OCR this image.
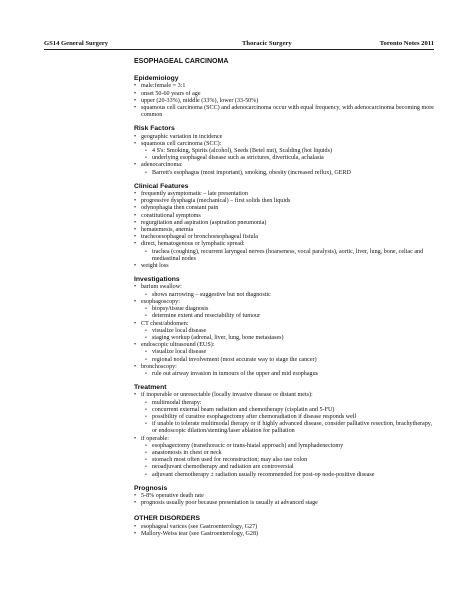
GS14 General Surgery	Thoracic Surgery	Toronto Notes 2011
ESOPHAGEAL CARCINOMA
Epidemiology
• male:female = 3:1
• onset 50-60 years of age
• upper (20-33%), middle (33%), lower (33-50%)
• squamous cell carcinoma (SCC) and adenocarcinoma occur with equal frequency, with adenocarcinoma becoming more common
Risk Factors
• geographic variation in incidence
• squamous cell carcinoma (SCC):
• 4 S's: Smoking, Spirits (alcohol), Seeds (Betel nut), Scalding (hot liquids)
• underlying esophageal disease such as strictures, diverticula, achalasia
• adenocarcinoma:
• Barrett's esophagus (most important), smoking, obesity (increased reflux), GERD
Clinical Features
• frequently asymptomatic – late presentation
• progressive dysphagia (mechanical) – first solids then liquids
• odynophagia then constant pain
• constitutional symptoms
• regurgitation and aspiration (aspiration pneumonia)
• hematemesis, anemia
• tracheoesophageal or bronchoesophageal fistula
• direct, hematogenous or lymphatic spread:
• trachea (coughing), recurrent laryngeal nerves (hoarseness, vocal paralysis), aortic, liver, lung, bone, celiac and mediastinal nodes
• weight loss
Investigations
• barium swallow:
• shows narrowing – suggestive but not diagnostic
• esophagoscopy:
• biopsy/tissue diagnosis
• determine extent and resectability of tumour
• CT chest/abdomen:
• visualize local disease
• staging workup (adrenal, liver, lung, bone metastases)
• endoscopic ultrasound (EUS):
• visualize local disease
• regional nodal involvement (most accurate way to stage the cancer)
• bronchoscopy:
• rule out airway invasion in tumours of the upper and mid esophagus
Treatment
• if inoperable or unresectable (locally invasive disease or distant mets):
• multimodal therapy:
• concurrent external beam radiation and chemotherapy (cisplatin and 5-FU)
• possibility of curative esophagectomy after chemoradiation if disease responds well
• if unable to tolerate multimodal therapy or if highly advanced disease, consider palliative resection, brachytherapy, or endoscopic dilation/stenting/laser ablation for palliation
• if operable:
• esophagectomy (transthoracic or trans-hiatal approach) and lymphadenectomy
• anastomosis in chest or neck
• stomach most often used for reconstruction; may also use colon
• neoadjuvant chemotherapy and radiation are controversial
• adjuvant chemotherapy ± radiation usually recommended for post-op node-positive disease
Prognosis
• 5-8% operative death rate
• prognosis usually poor because presentation is usually at advanced stage
OTHER DISORDERS
• esophageal varices (see Gastroenterology, G27)
• Mallory-Weiss tear (see Gastroenterology, G28)
